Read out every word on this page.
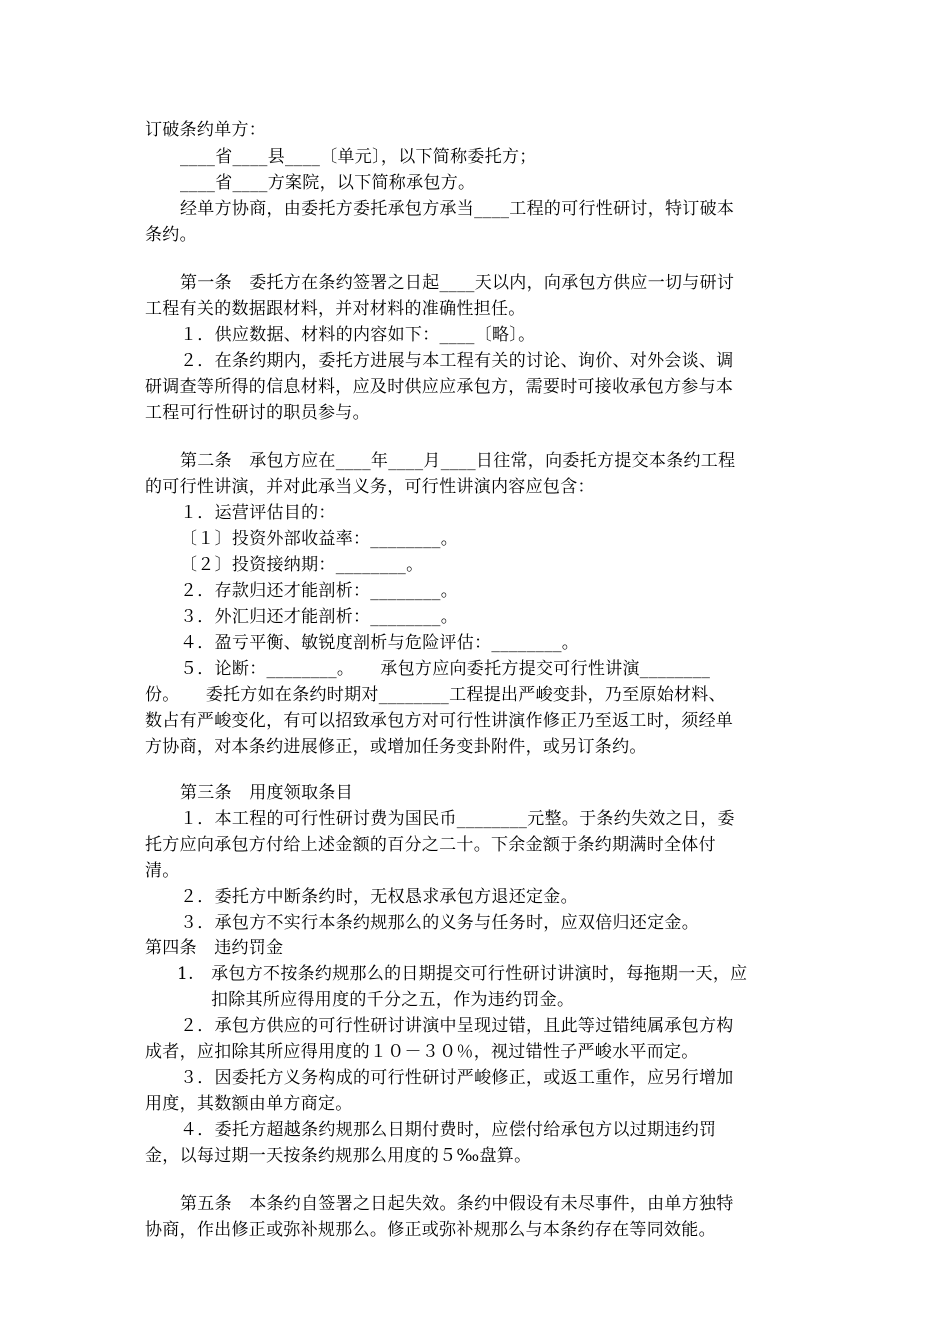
订破条约单方：
____省____县____〔单元〕，以下简称委托方；
____省____方案院，以下简称承包方。
经单方协商，由委托方委托承包方承当____工程的可行性研讨，特订破本
条约。
第一条　委托方在条约签署之日起____天以内，向承包方供应一切与研讨
工程有关的数据跟材料，并对材料的准确性担任。
１．供应数据、材料的内容如下：____〔略〕。
２．在条约期内，委托方进展与本工程有关的讨论、询价、对外会谈、调
研调查等所得的信息材料，应及时供应应承包方，需要时可接收承包方参与本
工程可行性研讨的职员参与。
第二条　承包方应在____年____月____日往常，向委托方提交本条约工程
的可行性讲演，并对此承当义务，可行性讲演内容应包含：
１．运营评估目的：
〔１〕投资外部收益率：________。
〔２〕投资接纳期：________。
２．存款归还才能剖析：________。
３．外汇归还才能剖析：________。
４．盈亏平衡、敏锐度剖析与危险评估：________。
５．论断：________。　　承包方应向委托方提交可行性讲演________
份。　　委托方如在条约时期对________工程提出严峻变卦，乃至原始材料、
数占有严峻变化，有可以招致承包方对可行性讲演作修正乃至返工时，须经单
方协商，对本条约进展修正，或增加任务变卦附件，或另订条约。
第三条　用度领取条目
１．本工程的可行性研讨费为国民币________元整。于条约失效之日，委
托方应向承包方付给上述金额的百分之二十。下余金额于条约期满时全体付
清。
２．委托方中断条约时，无权恳求承包方退还定金。
３．承包方不实行本条约规那么的义务与任务时，应双倍归还定金。
第四条　违约罚金
1.　承包方不按条约规那么的日期提交可行性研讨讲演时，每拖期一天，应
扣除其所应得用度的千分之五，作为违约罚金。
２．承包方供应的可行性研讨讲演中呈现过错，且此等过错纯属承包方构
成者，应扣除其所应得用度的１０－３０％，视过错性子严峻水平而定。
３．因委托方义务构成的可行性研讨严峻修正，或返工重作，应另行增加
用度，其数额由单方商定。
４．委托方超越条约规那么日期付费时，应偿付给承包方以过期违约罚
金，以每过期一天按条约规那么用度的５‰盘算。
第五条　本条约自签署之日起失效。条约中假设有未尽事件，由单方独特
协商，作出修正或弥补规那么。修正或弥补规那么与本条约存在等同效能。
